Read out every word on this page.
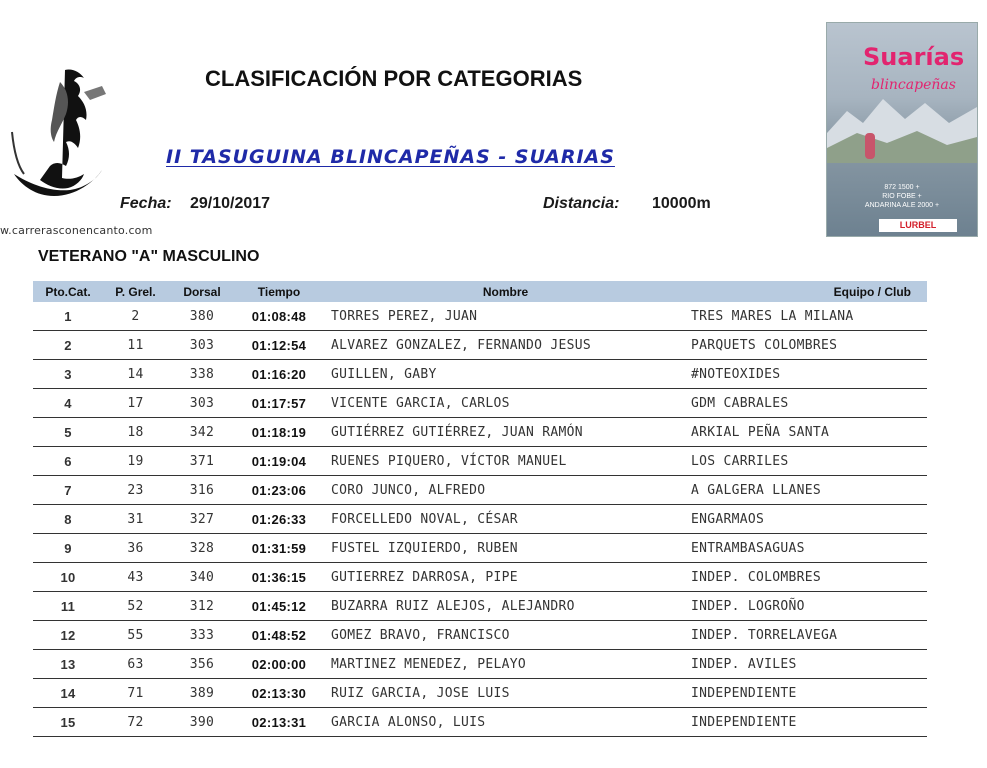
w.carrerasconencanto.com
CLASIFICACIÓN POR CATEGORIAS
II TASUGUINA BLINCAPEÑAS - SUARIAS
Fecha: 29/10/2017	Distancia: 10000m
Suarías
blincapeñas
872 1500 +
RIO FOBE +
ANDARINA ALE 2000 +
LURBEL
VETERANO "A" MASCULINO
Pto.Cat.	P. Grel.	Dorsal	Tiempo	Nombre	Equipo / Club
1	2	380	01:08:48	TORRES PEREZ, JUAN	TRES MARES LA MILANA
2	11	303	01:12:54	ALVAREZ GONZALEZ, FERNANDO JESUS	PARQUETS COLOMBRES
3	14	338	01:16:20	GUILLEN, GABY	#NOTEOXIDES
4	17	303	01:17:57	VICENTE GARCIA, CARLOS	GDM CABRALES
5	18	342	01:18:19	GUTIÉRREZ GUTIÉRREZ, JUAN RAMÓN	ARKIAL PEÑA SANTA
6	19	371	01:19:04	RUENES PIQUERO, VÍCTOR MANUEL	LOS CARRILES
7	23	316	01:23:06	CORO JUNCO, ALFREDO	A GALGERA LLANES
8	31	327	01:26:33	FORCELLEDO NOVAL, CÉSAR	ENGARMAOS
9	36	328	01:31:59	FUSTEL IZQUIERDO, RUBEN	ENTRAMBASAGUAS
10	43	340	01:36:15	GUTIERREZ DARROSA, PIPE	INDEP. COLOMBRES
11	52	312	01:45:12	BUZARRA RUIZ ALEJOS, ALEJANDRO	INDEP. LOGROÑO
12	55	333	01:48:52	GOMEZ BRAVO, FRANCISCO	INDEP. TORRELAVEGA
13	63	356	02:00:00	MARTINEZ MENEDEZ, PELAYO	INDEP. AVILES
14	71	389	02:13:30	RUIZ GARCIA, JOSE LUIS	INDEPENDIENTE
15	72	390	02:13:31	GARCIA ALONSO, LUIS	INDEPENDIENTE
